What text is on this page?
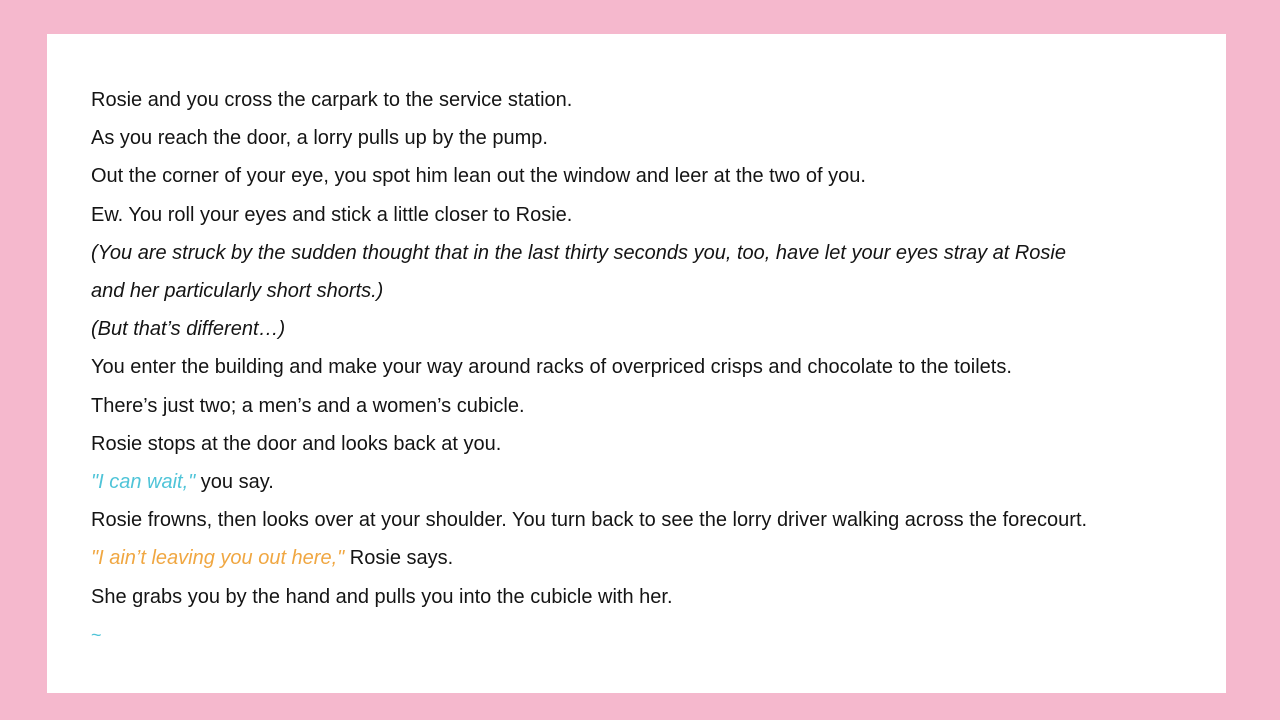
Rosie and you cross the carpark to the service station.
As you reach the door, a lorry pulls up by the pump.
Out the corner of your eye, you spot him lean out the window and leer at the two of you.
Ew. You roll your eyes and stick a little closer to Rosie.
(You are struck by the sudden thought that in the last thirty seconds you, too, have let your eyes stray at Rosie
and her particularly short shorts.)
(But that’s different…)
You enter the building and make your way around racks of overpriced crisps and chocolate to the toilets.
There’s just two; a men’s and a women’s cubicle.
Rosie stops at the door and looks back at you.
"I can wait," you say.
Rosie frowns, then looks over at your shoulder. You turn back to see the lorry driver walking across the forecourt.
"I ain’t leaving you out here," Rosie says.
She grabs you by the hand and pulls you into the cubicle with her.
~
